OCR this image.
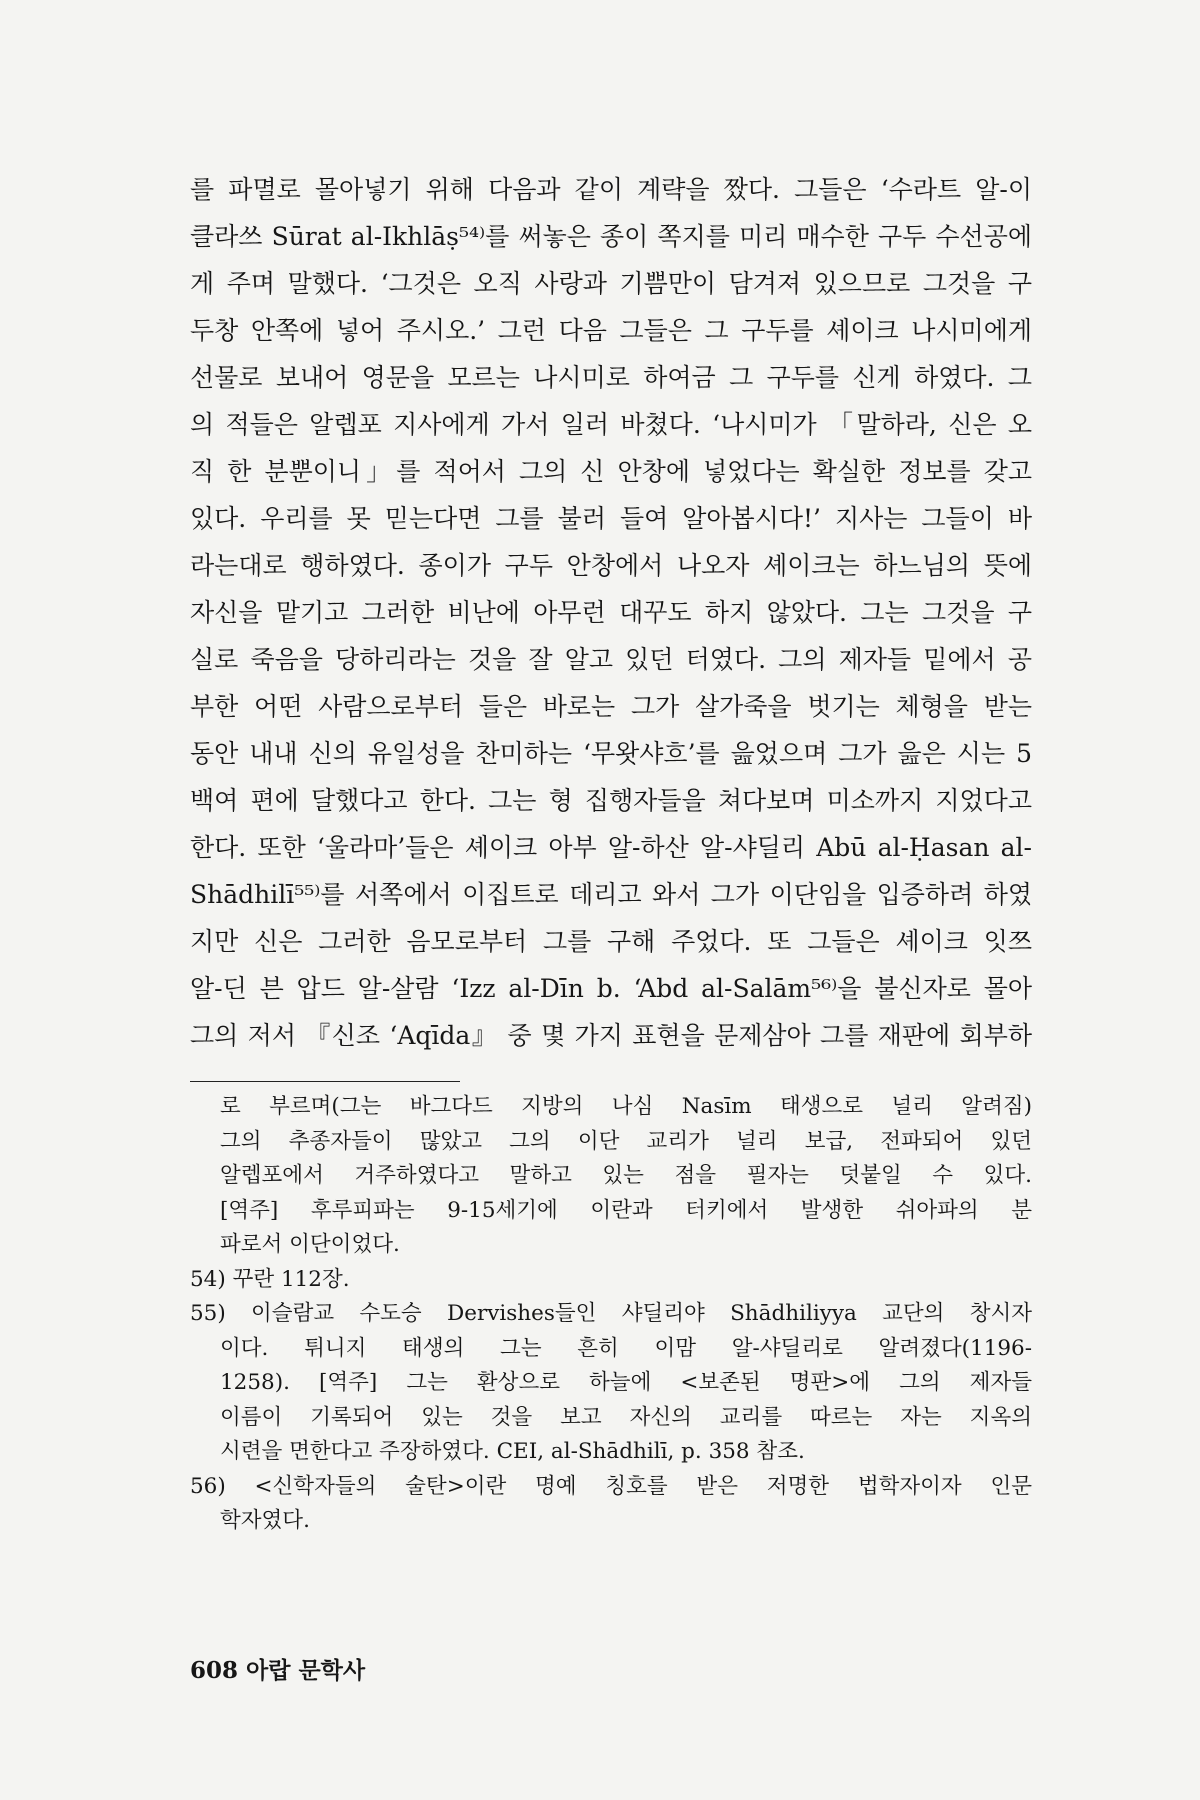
를 파멸로 몰아넣기 위해 다음과 같이 계략을 짰다. 그들은 ‘수라트 알-이
클라쓰 Sūrat al-Ikhlāṣ⁵⁴⁾를 써놓은 종이 쪽지를 미리 매수한 구두 수선공에
게 주며 말했다. ‘그것은 오직 사랑과 기쁨만이 담겨져 있으므로 그것을 구
두창 안쪽에 넣어 주시오.’ 그런 다음 그들은 그 구두를 셰이크 나시미에게
선물로 보내어 영문을 모르는 나시미로 하여금 그 구두를 신게 하였다. 그
의 적들은 알렙포 지사에게 가서 일러 바쳤다. ‘나시미가 「말하라, 신은 오
직 한 분뿐이니」를 적어서 그의 신 안창에 넣었다는 확실한 정보를 갖고
있다. 우리를 못 믿는다면 그를 불러 들여 알아봅시다!’ 지사는 그들이 바
라는대로 행하였다. 종이가 구두 안창에서 나오자 셰이크는 하느님의 뜻에
자신을 맡기고 그러한 비난에 아무런 대꾸도 하지 않았다. 그는 그것을 구
실로 죽음을 당하리라는 것을 잘 알고 있던 터였다. 그의 제자들 밑에서 공
부한 어떤 사람으로부터 들은 바로는 그가 살가죽을 벗기는 체형을 받는
동안 내내 신의 유일성을 찬미하는 ‘무왓샤흐’를 읊었으며 그가 읊은 시는 5
백여 편에 달했다고 한다. 그는 형 집행자들을 쳐다보며 미소까지 지었다고
한다. 또한 ‘울라마’들은 셰이크 아부 알-하산 알-샤딜리 Abū al-Ḥasan al-
Shādhilī⁵⁵⁾를 서쪽에서 이집트로 데리고 와서 그가 이단임을 입증하려 하였
지만 신은 그러한 음모로부터 그를 구해 주었다. 또 그들은 셰이크 잇쯔
알-딘 븐 압드 알-살람 ‘Izz al-Dīn b. ‘Abd al-Salām⁵⁶⁾을 불신자로 몰아
그의 저서 『신조 ‘Aqīda』 중 몇 가지 표현을 문제삼아 그를 재판에 회부하
로 부르며(그는 바그다드 지방의 나심 Nasīm 태생으로 널리 알려짐)
그의 추종자들이 많았고 그의 이단 교리가 널리 보급, 전파되어 있던
알렙포에서 거주하였다고 말하고 있는 점을 필자는 덧붙일 수 있다.
[역주] 후루피파는 9-15세기에 이란과 터키에서 발생한 쉬아파의 분
파로서 이단이었다.
54) 꾸란 112장.
55) 이슬람교 수도승 Dervishes들인 샤딜리야 Shādhiliyya 교단의 창시자
이다. 튀니지 태생의 그는 흔히 이맘 알-샤딜리로 알려졌다(1196-
1258). [역주] 그는 환상으로 하늘에 <보존된 명판>에 그의 제자들
이름이 기록되어 있는 것을 보고 자신의 교리를 따르는 자는 지옥의
시련을 면한다고 주장하였다. CEI, al-Shādhilī, p. 358 참조.
56) <신학자들의 술탄>이란 명예 칭호를 받은 저명한 법학자이자 인문
학자였다.
608 아랍 문학사
